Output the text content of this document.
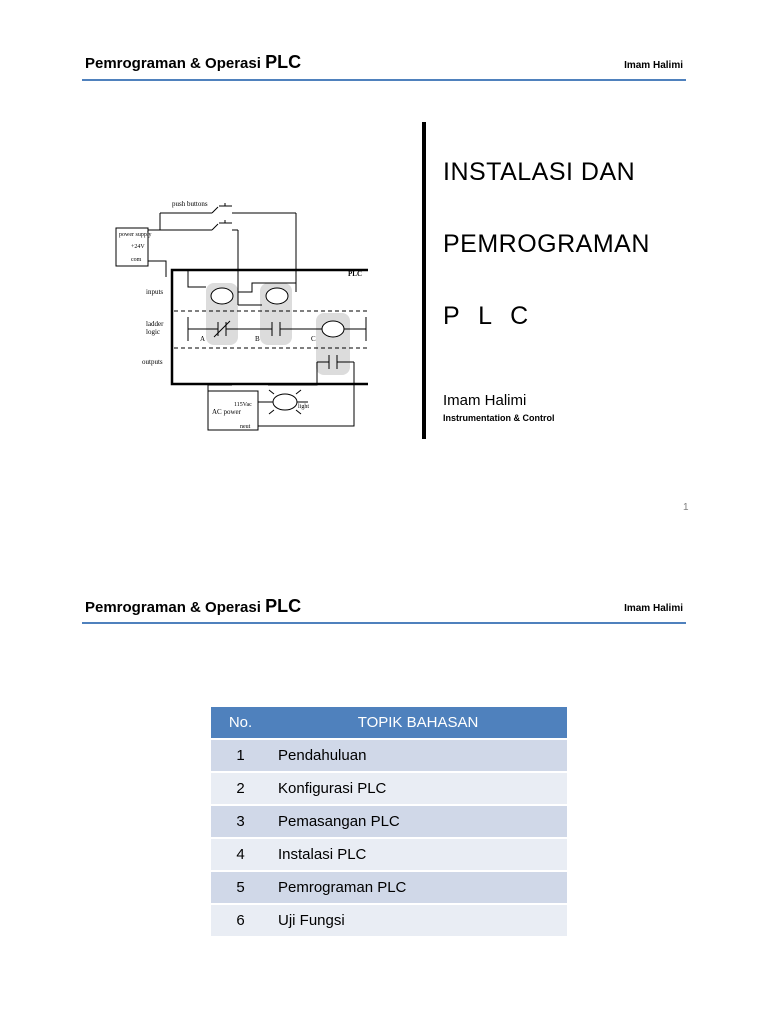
Pemrograman & Operasi PLC	Imam Halimi
push buttons
power supply
+24V
com
PLC
inputs
ladder
logic
A	B	C
outputs
115Vac
AC power
neut
light

INSTALASI DAN

PEMROGRAMAN

P L C

Imam Halimi
Instrumentation & Control
1
Pemrograman & Operasi PLC	Imam Halimi
No.	TOPIK BAHASAN
1	Pendahuluan
2	Konfigurasi PLC
3	Pemasangan PLC
4	Instalasi PLC
5	Pemrograman PLC
6	Uji Fungsi
